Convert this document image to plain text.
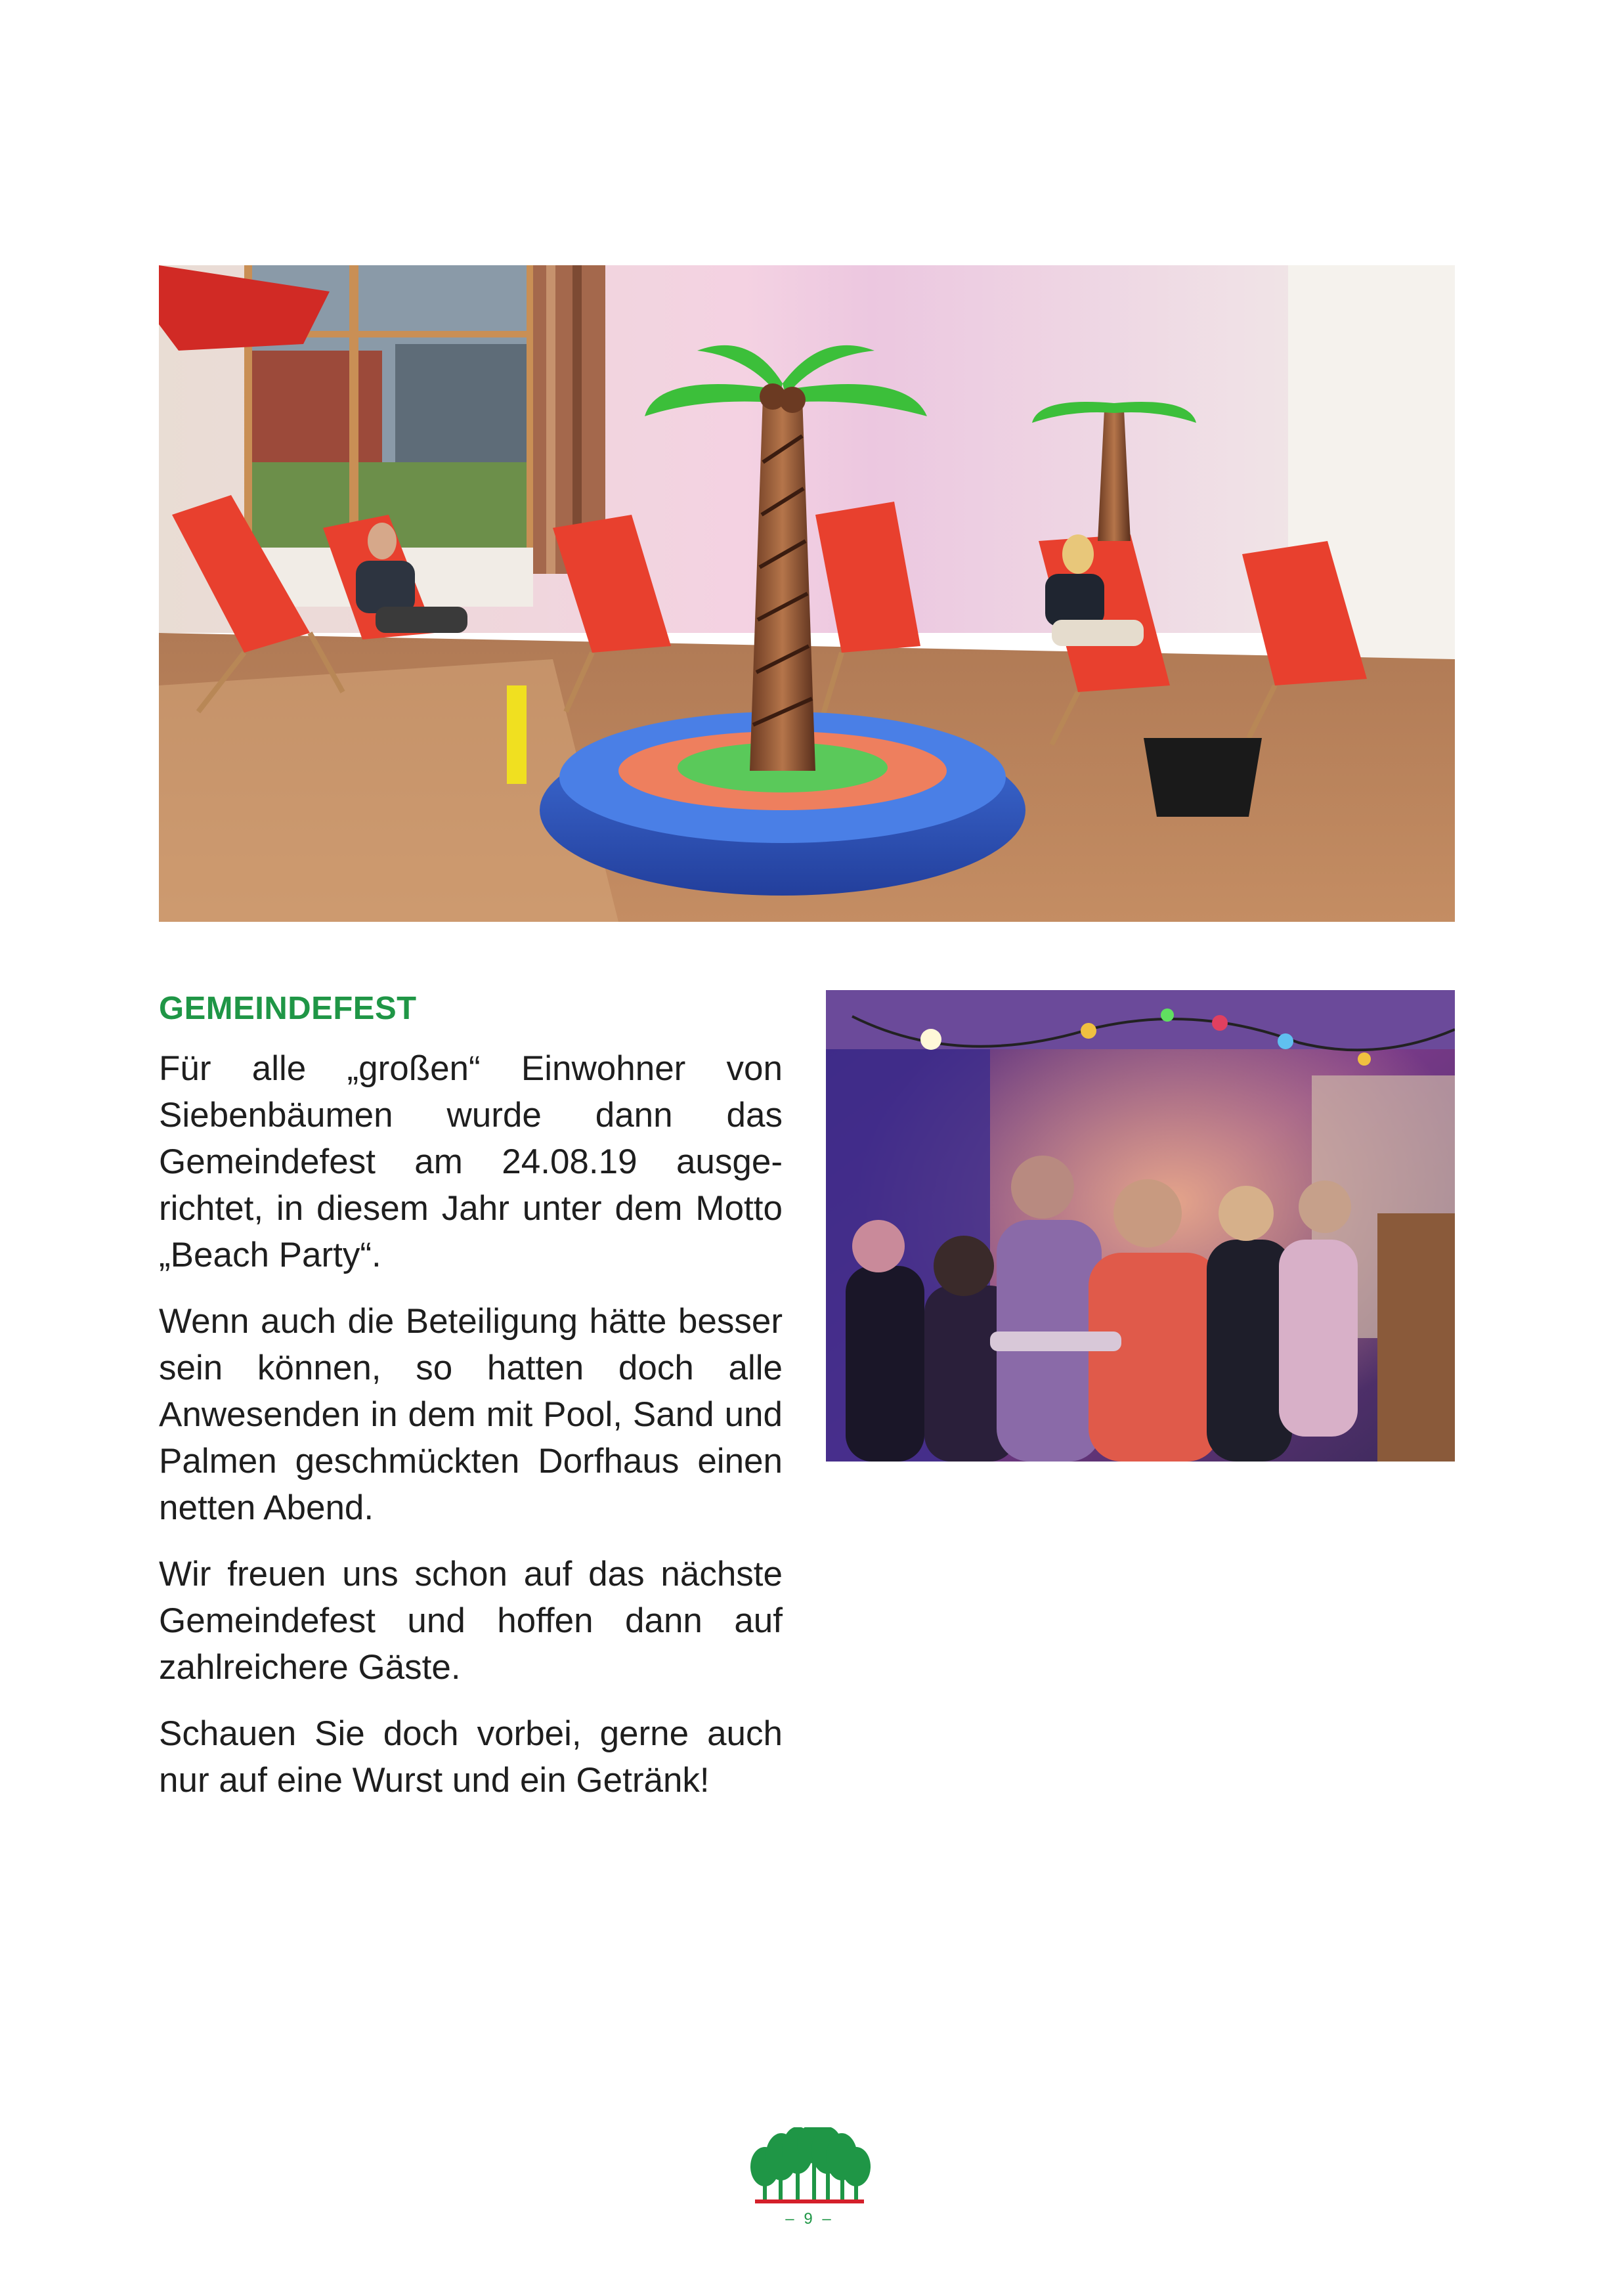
GEMEINDEFEST

Für alle „großen“ Einwohner von Siebenbäumen wurde dann das Gemeindefest am 24.08.19 ausgerichtet, in diesem Jahr unter dem Motto „Beach Party“.

Wenn auch die Beteiligung hätte besser sein können, so hatten doch alle Anwesenden in dem mit Pool, Sand und Palmen geschmückten Dorfhaus einen netten Abend.

Wir freuen uns schon auf das nächste Gemeindefest und hoffen dann auf zahlreichere Gäste.

Schauen Sie doch vorbei, gerne auch nur auf eine Wurst und ein Getränk!

– 9 –
